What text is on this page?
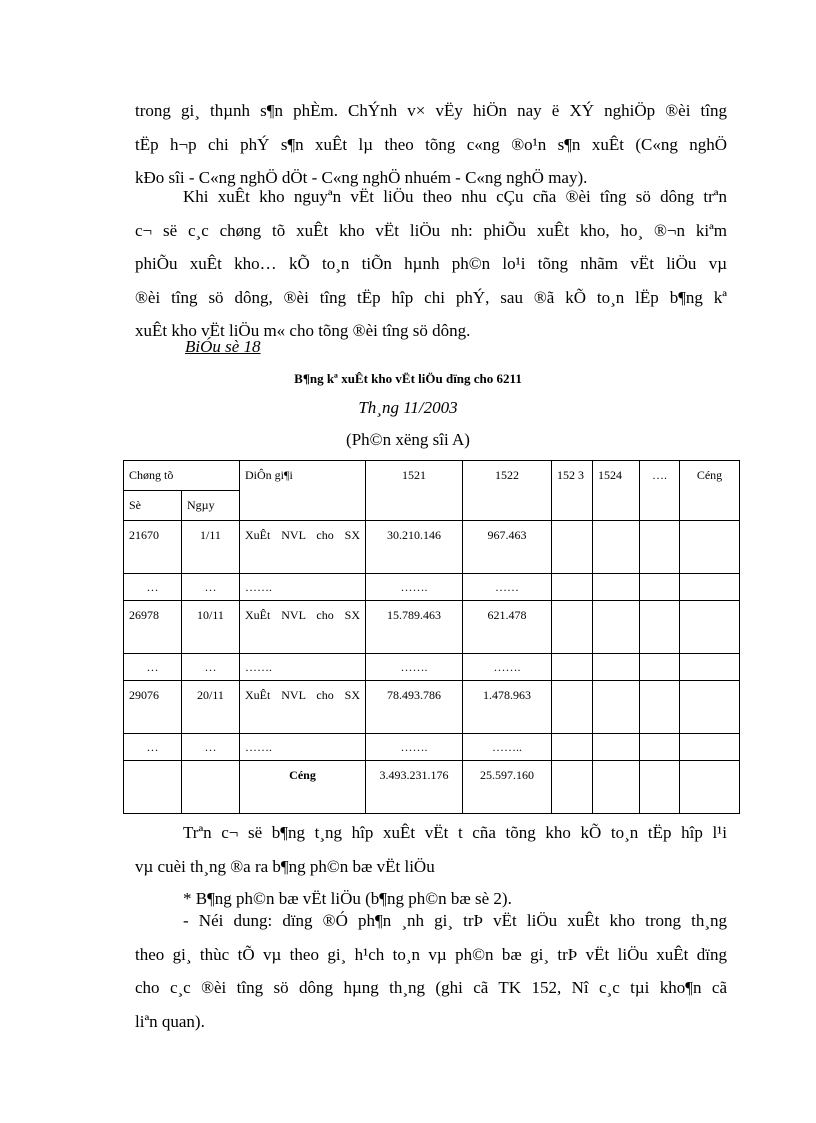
trong gi¸ thµnh s¶n phÈm. ChÝnh v× vËy hiÖn nay ë XÝ nghiÖp ®èi tîng
tËp h¬p chi phÝ s¶n xuÊt lµ theo tõng c«ng ®o¹n s¶n xuÊt (C«ng nghÖ
kÐo sîi - C«ng nghÖ dÖt - C«ng nghÖ nhuém - C«ng nghÖ may).

Khi xuÊt kho nguyªn vËt liÖu theo nhu cÇu cña ®èi tîng sö dông trªn
c¬ së c¸c chøng tõ xuÊt kho vËt liÖu nh: phiÕu xuÊt kho, ho¸ ®¬n kiªm
phiÕu xuÊt kho… kÕ to¸n tiÕn hµnh ph©n lo¹i tõng nhãm vËt liÖu vµ
®èi tîng sö dông, ®èi tîng tËp hîp chi phÝ, sau ®ã kÕ to¸n lËp b¶ng kª
xuÊt kho vËt liÖu m« cho tõng ®èi tîng sö dông.

BiÓu sè 18

B¶ng kª xuÊt kho vËt liÖu dïng cho 6211

Th¸ng 11/2003

(Ph©n xëng sîi A)

Chøng tõ		DiÔn gi¶i	1521	1522	152 3	1524	….	Céng
Sè	Ngµy							
21670	1/11	XuÊt NVL cho SX	30.210.146	967.463				
…	…	…….	…….	……				
26978	10/11	XuÊt NVL cho SX	15.789.463	621.478				
…	…	…….	…….	…….				
29076	20/11	XuÊt NVL cho SX	78.493.786	1.478.963				
…	…	…….	…….	……..				
		Céng	3.493.231.176	25.597.160				

Trªn c¬ së b¶ng t¸ng hîp xuÊt vËt t cña tõng kho kÕ to¸n tËp hîp l¹i
vµ cuèi th¸ng ®a ra b¶ng ph©n bæ vËt liÖu

* B¶ng ph©n bæ vËt liÖu (b¶ng ph©n bæ sè 2).

- Néi dung: dïng ®Ó ph¶n ¸nh gi¸ trÞ vËt liÖu xuÊt kho trong th¸ng
theo gi¸ thùc tÕ vµ theo gi¸ h¹ch to¸n vµ ph©n bæ gi¸ trÞ vËt liÖu xuÊt dïng
cho c¸c ®èi tîng sö dông hµng th¸ng (ghi cã TK 152, Nî c¸c tµi kho¶n cã
liªn quan).
